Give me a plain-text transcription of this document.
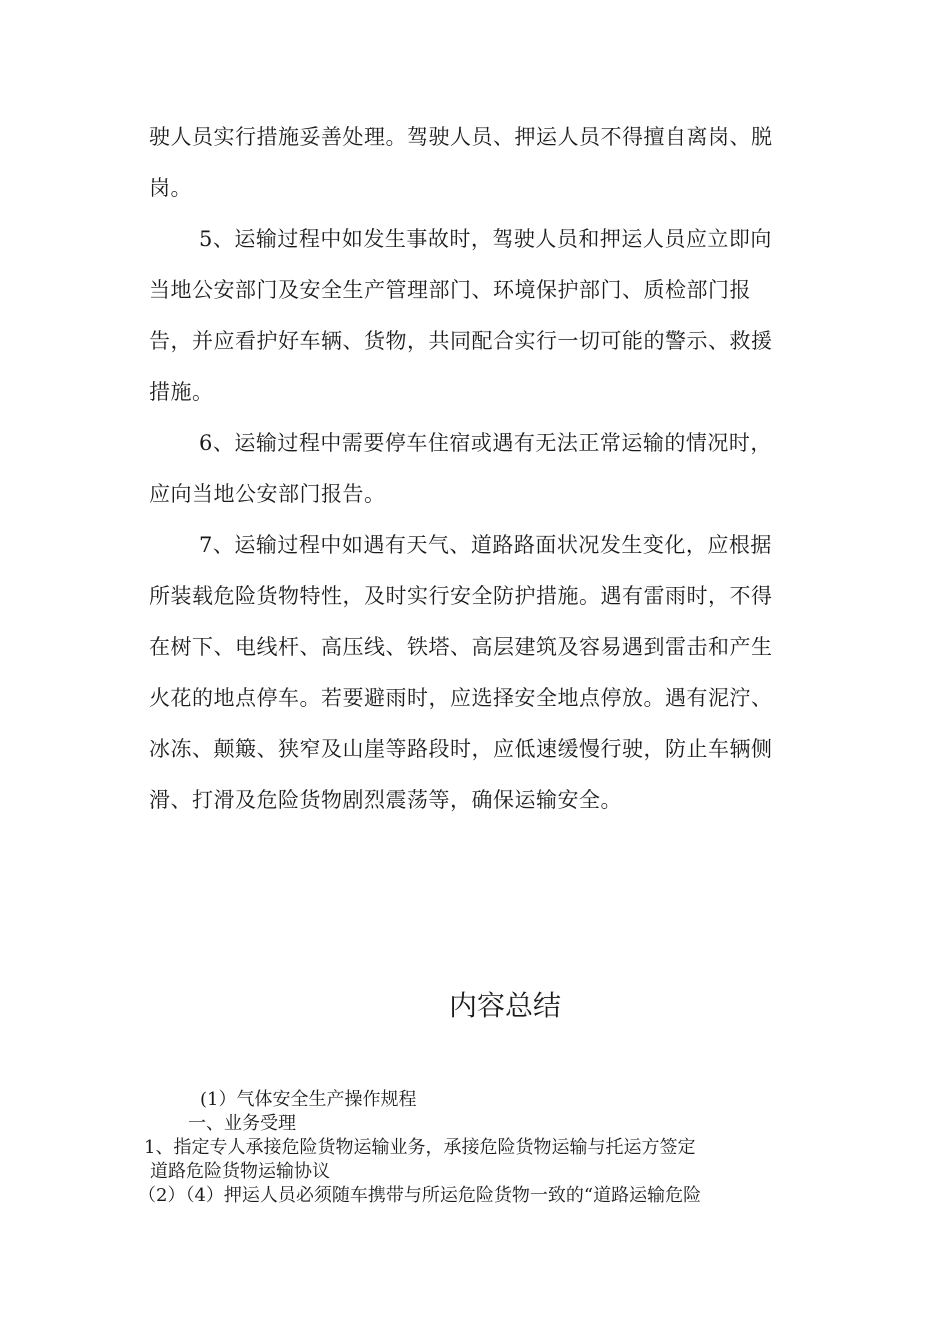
驶人员实行措施妥善处理。驾驶人员、押运人员不得擅自离岗、脱
岗。

5、运输过程中如发生事故时，驾驶人员和押运人员应立即向
当地公安部门及安全生产管理部门、环境保护部门、质检部门报
告，并应看护好车辆、货物，共同配合实行一切可能的警示、救援
措施。

6、运输过程中需要停车住宿或遇有无法正常运输的情况时，
应向当地公安部门报告。

7、运输过程中如遇有天气、道路路面状况发生变化，应根据
所装载危险货物特性，及时实行安全防护措施。遇有雷雨时，不得
在树下、电线杆、高压线、铁塔、高层建筑及容易遇到雷击和产生
火花的地点停车。若要避雨时，应选择安全地点停放。遇有泥泞、
冰冻、颠簸、狭窄及山崖等路段时，应低速缓慢行驶，防止车辆侧
滑、打滑及危险货物剧烈震荡等，确保运输安全。

内容总结
(1）气体安全生产操作规程
一、业务受理
1、指定专人承接危险货物运输业务，承接危险货物运输与托运方签定
道路危险货物运输协议
（2）（4）押运人员必须随车携带与所运危险货物一致的“道路运输危险
